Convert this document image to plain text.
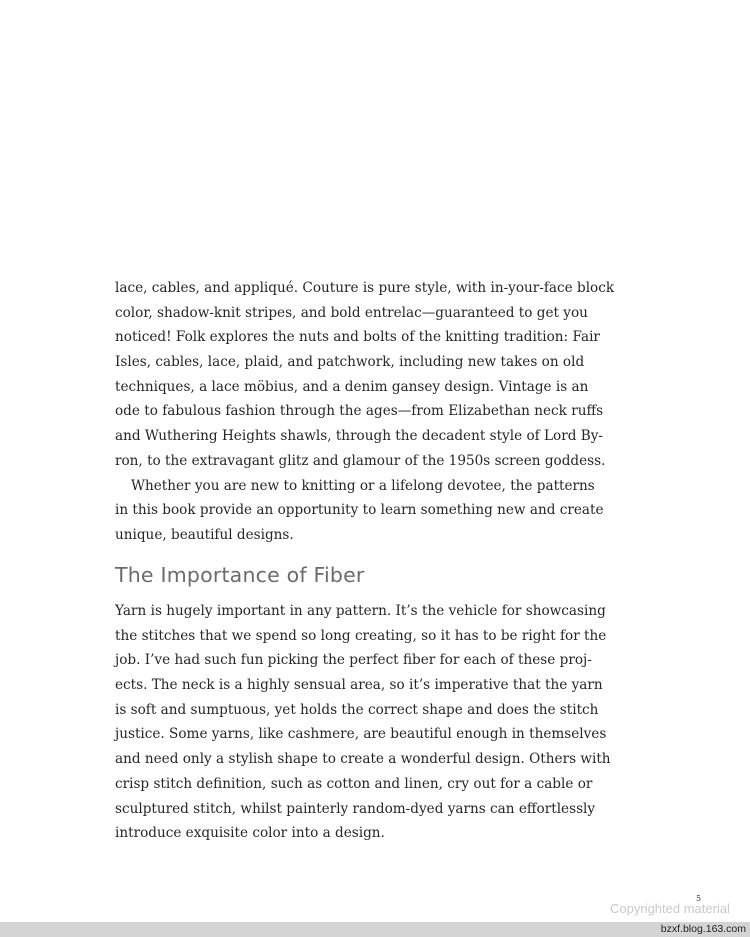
lace, cables, and appliqué. Couture is pure style, with in-your-face block
color, shadow-knit stripes, and bold entrelac—guaranteed to get you
noticed! Folk explores the nuts and bolts of the knitting tradition: Fair
Isles, cables, lace, plaid, and patchwork, including new takes on old
techniques, a lace möbius, and a denim gansey design. Vintage is an
ode to fabulous fashion through the ages—from Elizabethan neck ruffs
and Wuthering Heights shawls, through the decadent style of Lord By-
ron, to the extravagant glitz and glamour of the 1950s screen goddess.
Whether you are new to knitting or a lifelong devotee, the patterns
in this book provide an opportunity to learn something new and create
unique, beautiful designs.
The Importance of Fiber
Yarn is hugely important in any pattern. It’s the vehicle for showcasing
the stitches that we spend so long creating, so it has to be right for the
job. I’ve had such fun picking the perfect fiber for each of these proj-
ects. The neck is a highly sensual area, so it’s imperative that the yarn
is soft and sumptuous, yet holds the correct shape and does the stitch
justice. Some yarns, like cashmere, are beautiful enough in themselves
and need only a stylish shape to create a wonderful design. Others with
crisp stitch definition, such as cotton and linen, cry out for a cable or
sculptured stitch, whilst painterly random-dyed yarns can effortlessly
introduce exquisite color into a design.
5
Copyrighted material
bzxf.blog.163.com
